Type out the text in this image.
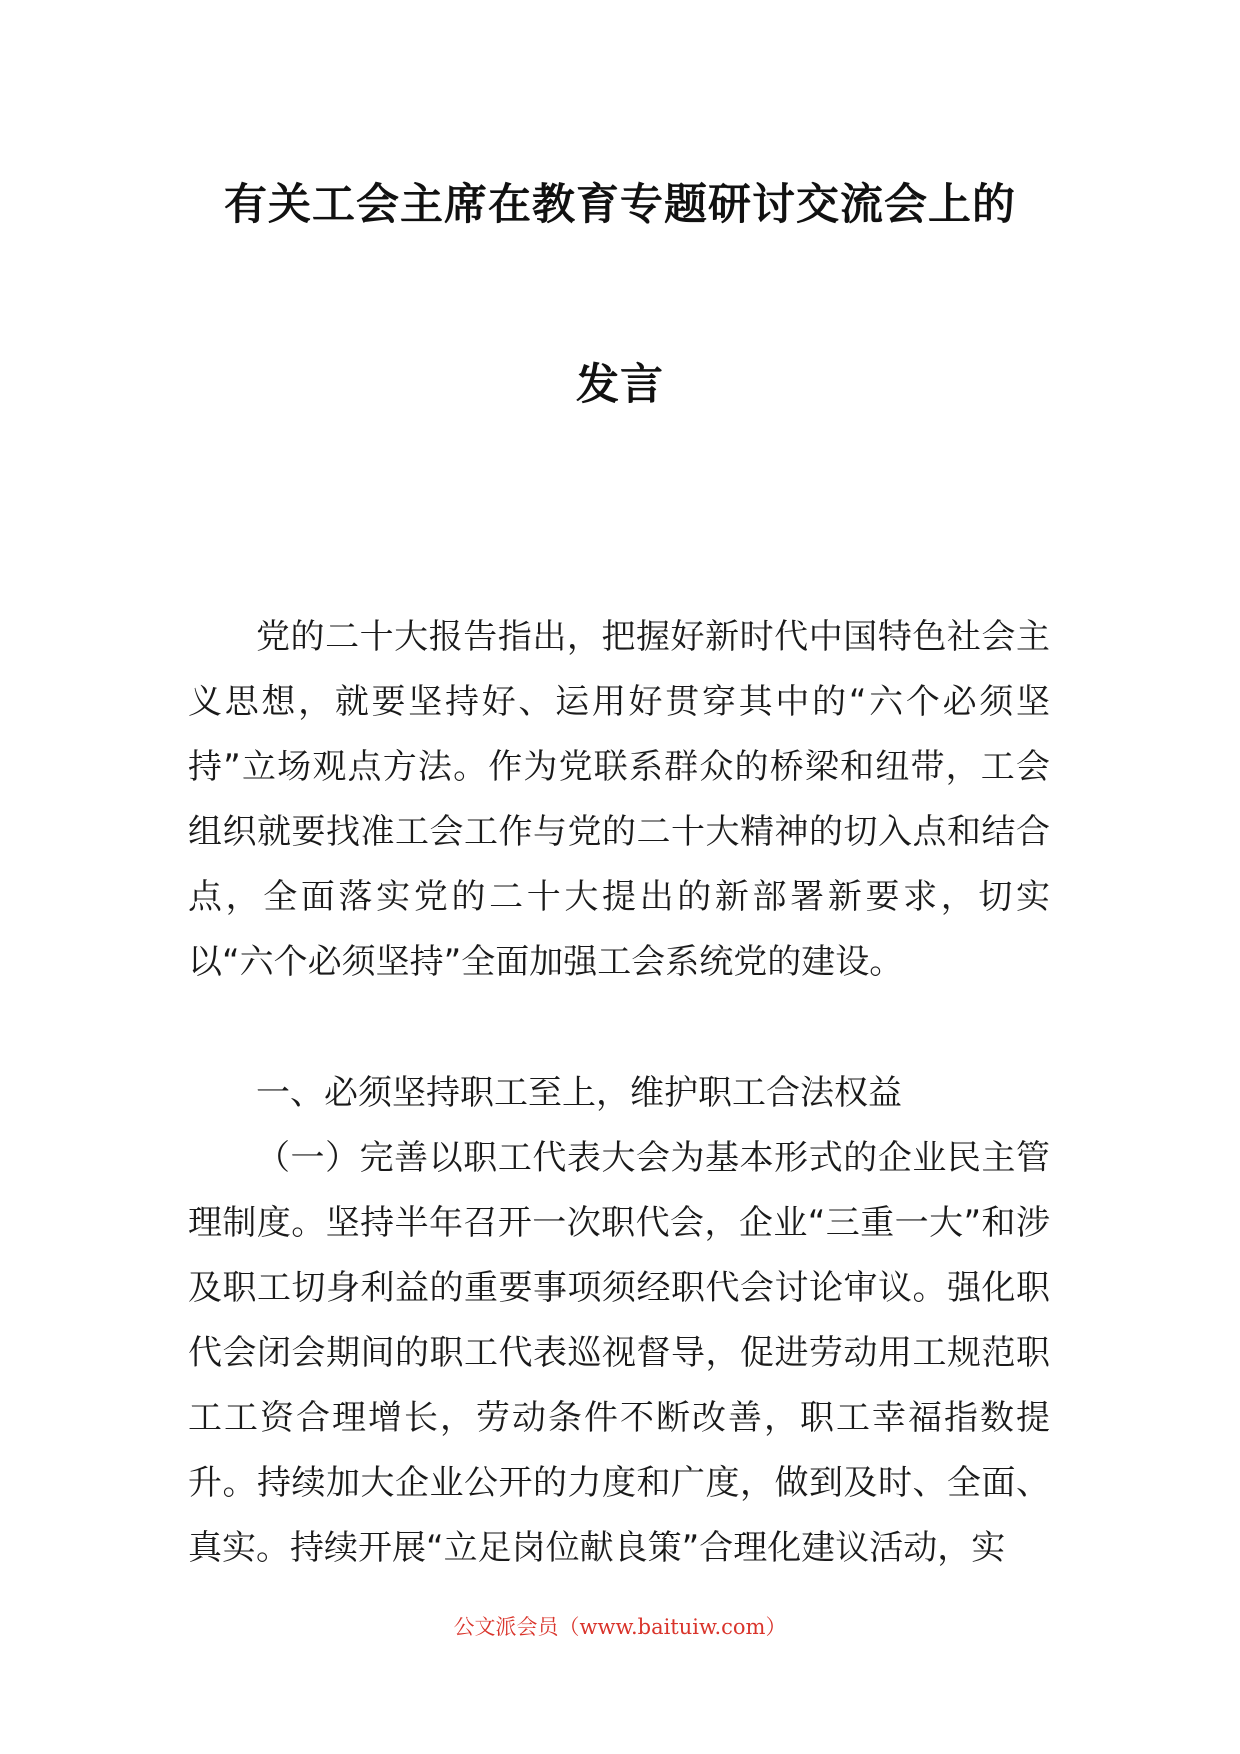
有关工会主席在教育专题研讨交流会上的
发言

党的二十大报告指出，把握好新时代中国特色社会主义思想，就要坚持好、运用好贯穿其中的“六个必须坚持”立场观点方法。作为党联系群众的桥梁和纽带，工会组织就要找准工会工作与党的二十大精神的切入点和结合点，全面落实党的二十大提出的新部署新要求，切实以“六个必须坚持”全面加强工会系统党的建设。

一、必须坚持职工至上，维护职工合法权益

（一）完善以职工代表大会为基本形式的企业民主管理制度。坚持半年召开一次职代会，企业“三重一大”和涉及职工切身利益的重要事项须经职代会讨论审议。强化职代会闭会期间的职工代表巡视督导，促进劳动用工规范职工工资合理增长，劳动条件不断改善，职工幸福指数提升。持续加大企业公开的力度和广度，做到及时、全面、真实。持续开展“立足岗位献良策”合理化建议活动，实

公文派会员（www.baituiw.com）
